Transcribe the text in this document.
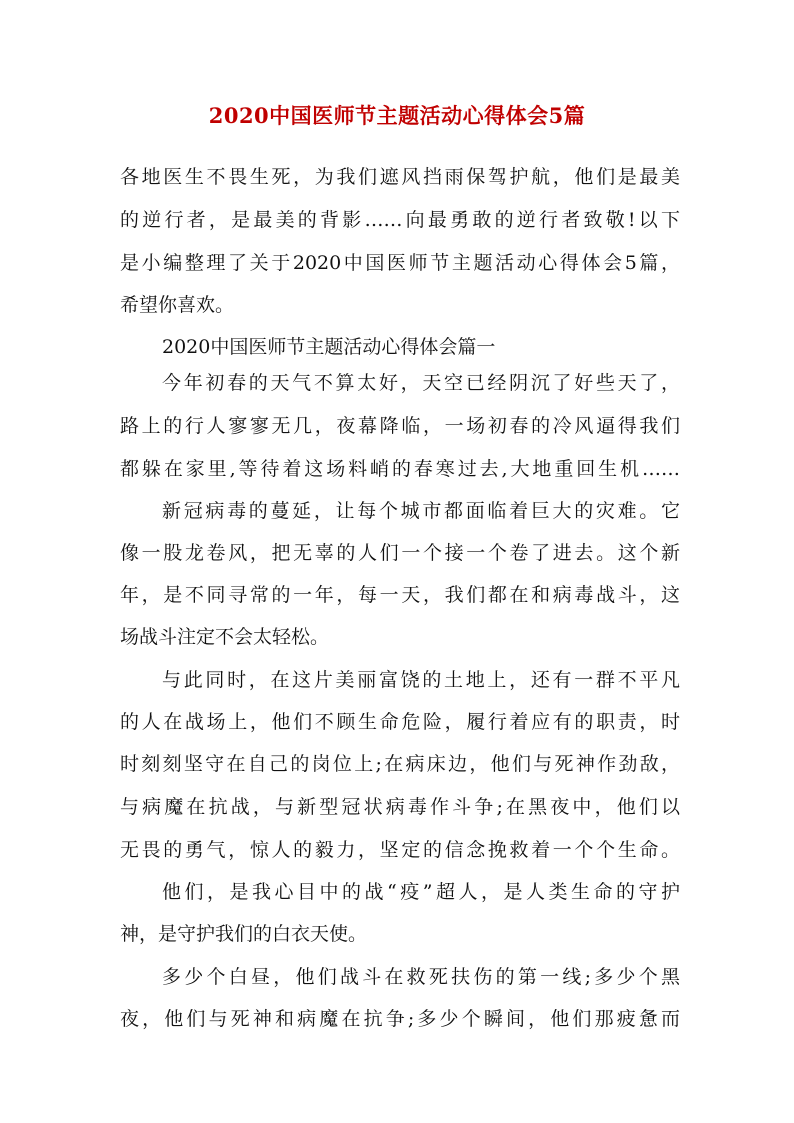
2020中国医师节主题活动心得体会5篇
各地医生不畏生死，为我们遮风挡雨保驾护航，他们是最美
的逆行者，是最美的背影……向最勇敢的逆行者致敬!以下
是小编整理了关于2020中国医师节主题活动心得体会5篇，
希望你喜欢。
2020中国医师节主题活动心得体会篇一
今年初春的天气不算太好，天空已经阴沉了好些天了，
路上的行人寥寥无几，夜幕降临，一场初春的冷风逼得我们
都躲在家里,等待着这场料峭的春寒过去,大地重回生机……
新冠病毒的蔓延，让每个城市都面临着巨大的灾难。它
像一股龙卷风，把无辜的人们一个接一个卷了进去。这个新
年，是不同寻常的一年，每一天，我们都在和病毒战斗，这
场战斗注定不会太轻松。
与此同时，在这片美丽富饶的土地上，还有一群不平凡
的人在战场上，他们不顾生命危险，履行着应有的职责，时
时刻刻坚守在自己的岗位上;在病床边，他们与死神作劲敌，
与病魔在抗战，与新型冠状病毒作斗争;在黑夜中，他们以
无畏的勇气，惊人的毅力，坚定的信念挽救着一个个生命。
他们，是我心目中的战“疫”超人，是人类生命的守护
神，是守护我们的白衣天使。
多少个白昼，他们战斗在救死扶伤的第一线;多少个黑
夜，他们与死神和病魔在抗争;多少个瞬间，他们那疲惫而
